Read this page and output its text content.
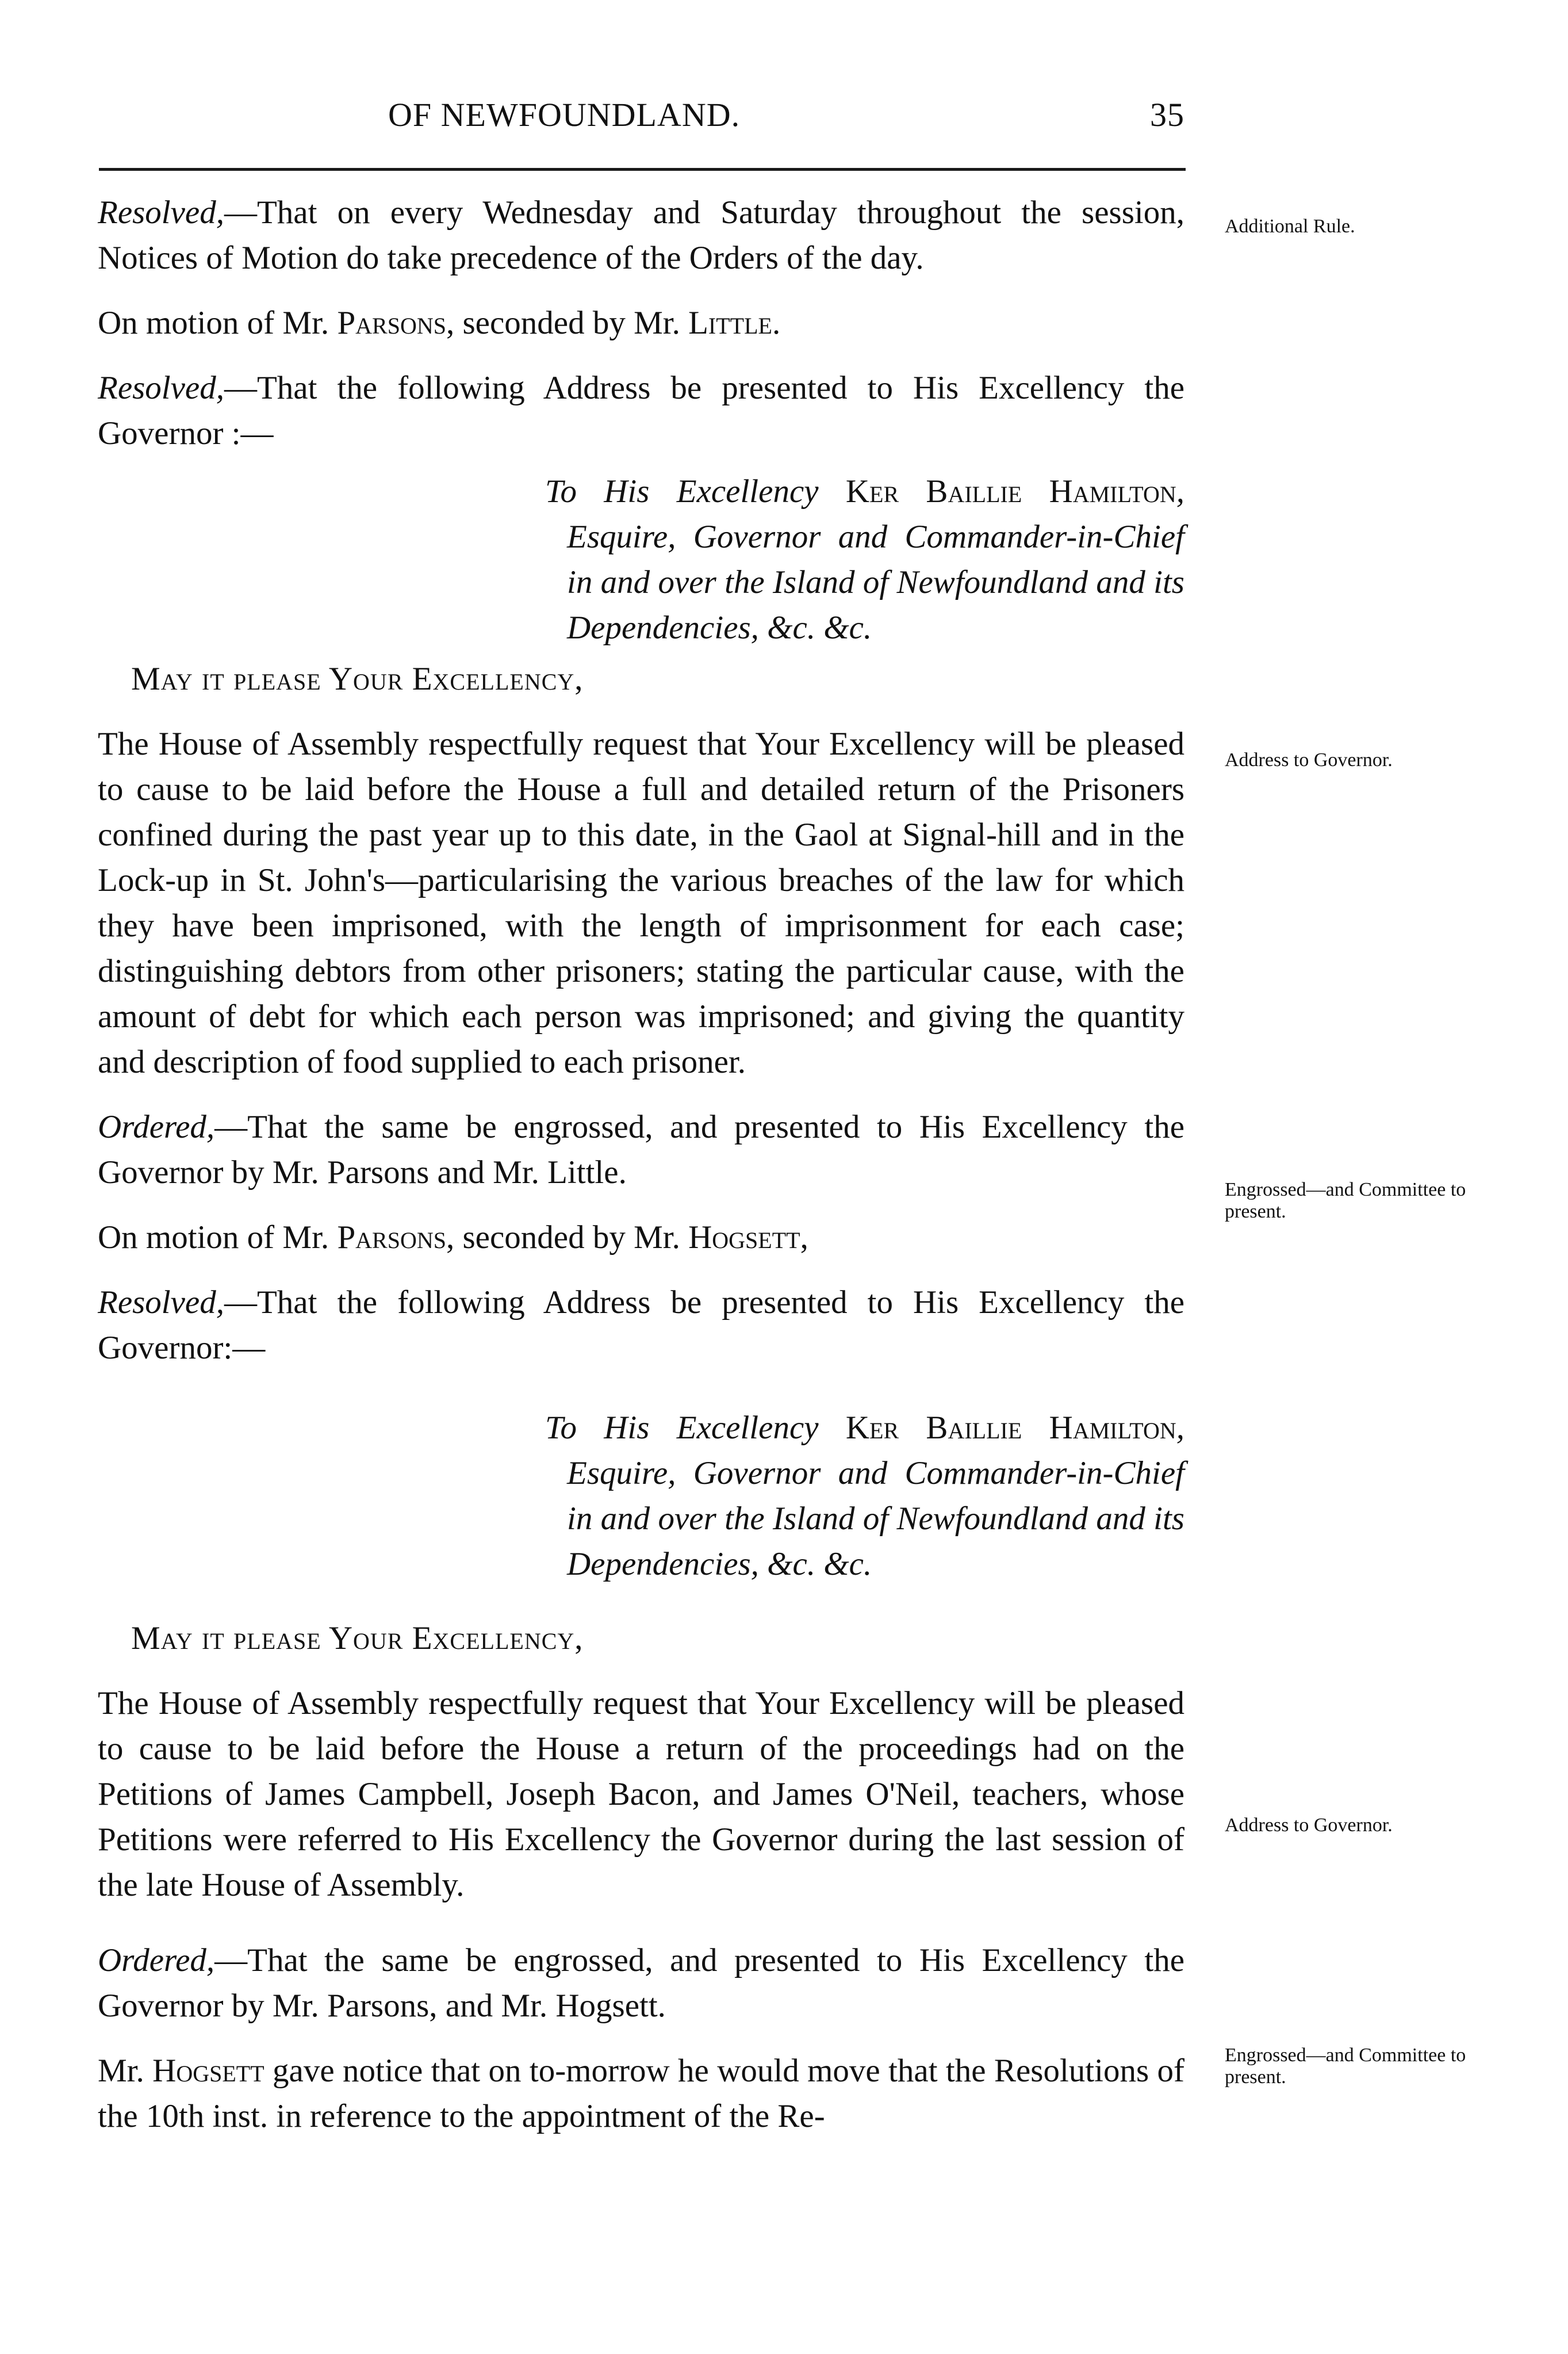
OF NEWFOUNDLAND.	35

Resolved,—That on every Wednesday and Saturday throughout the session, Notices of Motion do take precedence of the Orders of the day.

On motion of Mr. Parsons, seconded by Mr. Little.

Resolved,—That the following Address be presented to His Excellency the Governor :—

To His Excellency Ker Baillie Hamilton, Esquire, Governor and Commander-in-Chief in and over the Island of Newfoundland and its Dependencies, &c. &c.

May it please Your Excellency,

The House of Assembly respectfully request that Your Excellency will be pleased to cause to be laid before the House a full and detailed return of the Prisoners confined during the past year up to this date, in the Gaol at Signal-hill and in the Lock-up in St. John's—particularising the various breaches of the law for which they have been imprisoned, with the length of imprisonment for each case; distinguishing debtors from other prisoners; stating the particular cause, with the amount of debt for which each person was imprisoned; and giving the quantity and description of food supplied to each prisoner.

Ordered,—That the same be engrossed, and presented to His Excellency the Governor by Mr. Parsons and Mr. Little.

On motion of Mr. Parsons, seconded by Mr. Hogsett,

Resolved,—That the following Address be presented to His Excellency the Governor:—

To His Excellency Ker Baillie Hamilton, Esquire, Governor and Commander-in-Chief in and over the Island of Newfoundland and its Dependencies, &c. &c.

May it please Your Excellency,

The House of Assembly respectfully request that Your Excellency will be pleased to cause to be laid before the House a return of the proceedings had on the Petitions of James Campbell, Joseph Bacon, and James O'Neil, teachers, whose Petitions were referred to His Excellency the Governor during the last session of the late House of Assembly.

Ordered,—That the same be engrossed, and presented to His Excellency the Governor by Mr. Parsons, and Mr. Hogsett.

Mr. Hogsett gave notice that on to-morrow he would move that the Resolutions of the 10th inst. in reference to the appointment of the Re-

Additional Rule.
Address to Governor.
Engrossed—and Committee to present.
Address to Governor.
Engrossed—and Committee to present.
